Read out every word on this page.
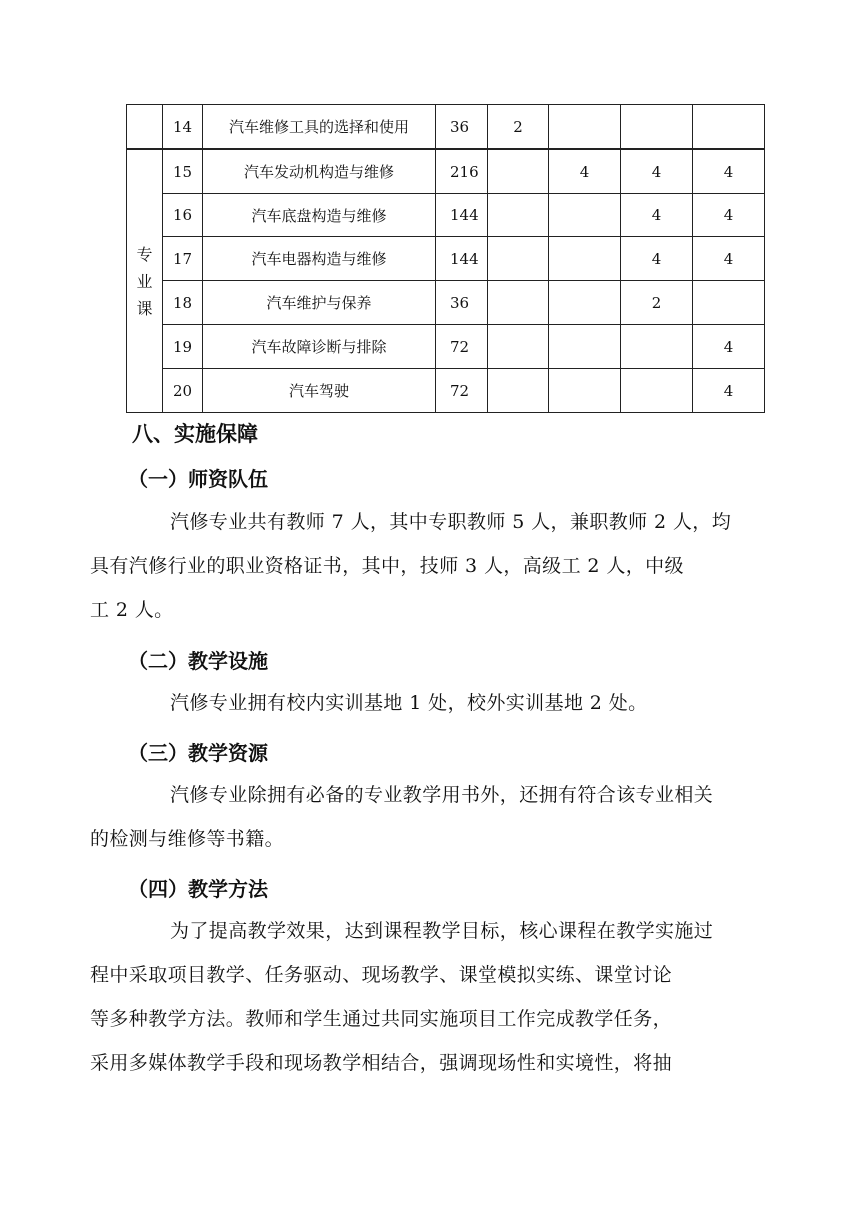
	14	汽车维修工具的选择和使用	36	2			

专
业
课	15	汽车发动机构造与维修	216		4	4	4
	16	汽车底盘构造与维修	144			4	4
	17	汽车电器构造与维修	144			4	4
	18	汽车维护与保养	36			2	
	19	汽车故障诊断与排除	72				4
	20	汽车驾驶	72				4
八、实施保障
（一）师资队伍

汽修专业共有教师 7 人，其中专职教师 5 人，兼职教师 2 人，均
具有汽修行业的职业资格证书，其中，技师 3 人，高级工 2 人，中级
工 2 人。

（二）教学设施

汽修专业拥有校内实训基地 1 处，校外实训基地 2 处。

（三）教学资源

汽修专业除拥有必备的专业教学用书外，还拥有符合该专业相关
的检测与维修等书籍。

（四）教学方法

为了提高教学效果，达到课程教学目标，核心课程在教学实施过
程中采取项目教学、任务驱动、现场教学、课堂模拟实练、课堂讨论
等多种教学方法。教师和学生通过共同实施项目工作完成教学任务，
采用多媒体教学手段和现场教学相结合，强调现场性和实境性，将抽
